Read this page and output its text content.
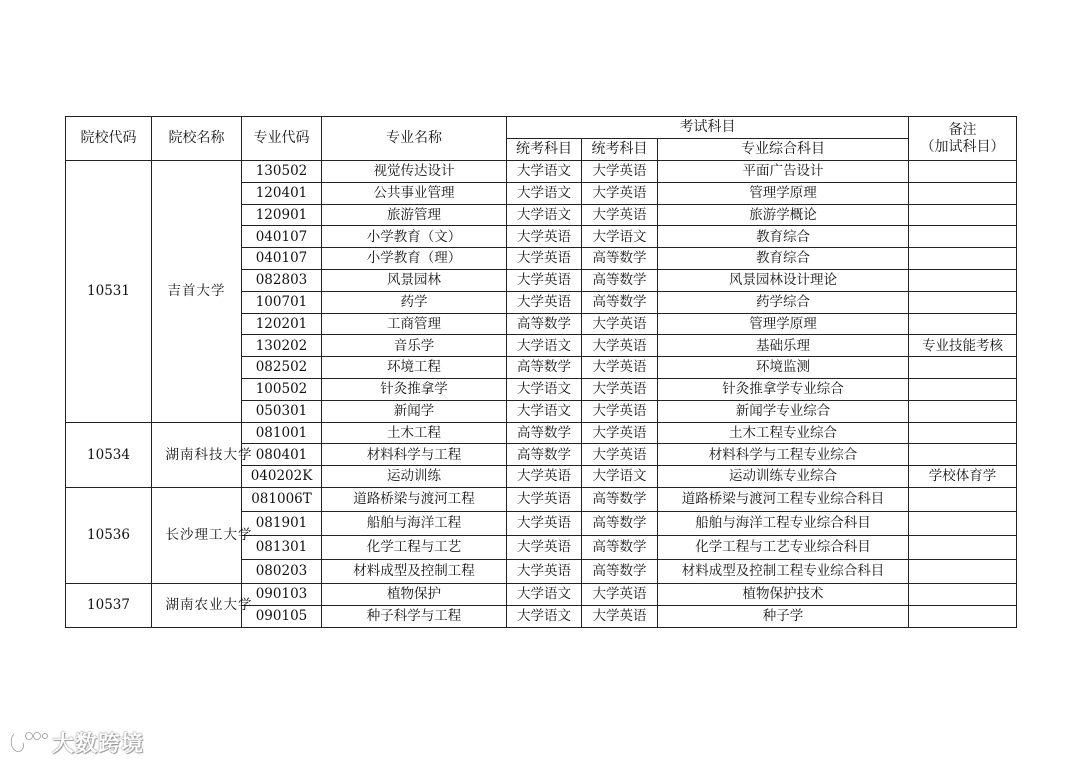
院校代码	院校名称	专业代码	专业名称	考试科目			备注
（加试科目）

				统考科目	统考科目	专业综合科目	
10531	吉首大学	130502	视觉传达设计	大学语文	大学英语	平面广告设计	
		120401	公共事业管理	大学语文	大学英语	管理学原理	
		120901	旅游管理	大学语文	大学英语	旅游学概论	
		040107	小学教育（文）	大学英语	大学语文	教育综合	
		040107	小学教育（理）	大学英语	高等数学	教育综合	
		082803	风景园林	大学英语	高等数学	风景园林设计理论	
		100701	药学	大学英语	高等数学	药学综合	
		120201	工商管理	高等数学	大学英语	管理学原理	
		130202	音乐学	大学语文	大学英语	基础乐理	专业技能考核
		082502	环境工程	高等数学	大学英语	环境监测	
		100502	针灸推拿学	大学语文	大学英语	针灸推拿学专业综合	
		050301	新闻学	大学语文	大学英语	新闻学专业综合	
10534	湖南科技大学	081001	土木工程	高等数学	大学英语	土木工程专业综合	
		080401	材料科学与工程	高等数学	大学英语	材料科学与工程专业综合	
		040202K	运动训练	大学英语	大学语文	运动训练专业综合	学校体育学
10536	长沙理工大学	081006T	道路桥梁与渡河工程	大学英语	高等数学	道路桥梁与渡河工程专业综合科目	
		081901	船舶与海洋工程	大学英语	高等数学	船舶与海洋工程专业综合科目	
		081301	化学工程与工艺	大学英语	高等数学	化学工程与工艺专业综合科目	
		080203	材料成型及控制工程	大学英语	高等数学	材料成型及控制工程专业综合科目	
10537	湖南农业大学	090103	植物保护	大学语文	大学英语	植物保护技术	
		090105	种子科学与工程	大学语文	大学英语	种子学	
大数跨境
